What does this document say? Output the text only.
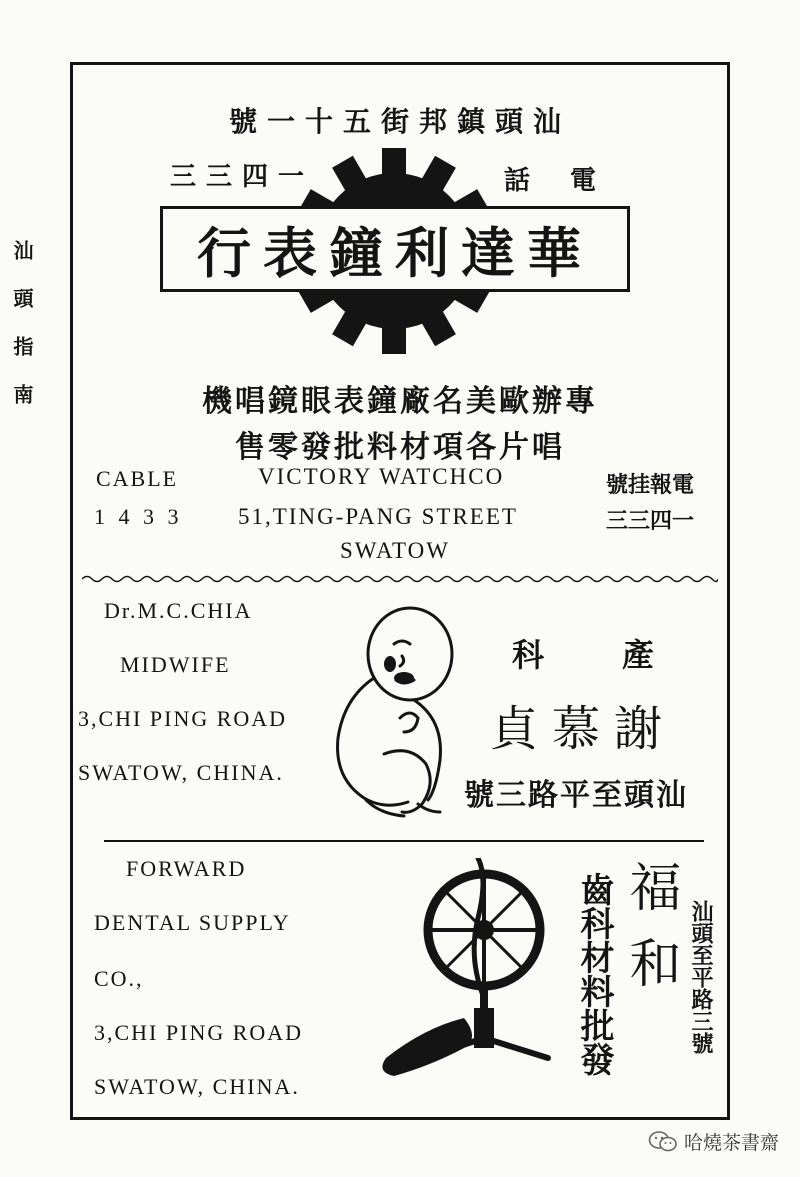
汕頭指南
汕頭鎮邦街五十一號
電話
一四三三
華達利鐘表行
專辦歐美名廠鐘表眼鏡唱機
唱片各項材料批發零售
CABLE
1 4 3 3
VICTORY WATCHCO
51,TING-PANG STREET
SWATOW
電報挂號
一四三三
Dr.M.C.CHIA
MIDWIFE
3,CHI PING ROAD
SWATOW, CHINA.
產
科
謝慕貞
汕頭至平路三號
FORWARD
DENTAL SUPPLY
CO.,
3,CHI PING ROAD
SWATOW, CHINA.
福和
齒科材料批發	汕頭至平路三號
哈燒茶書齋
